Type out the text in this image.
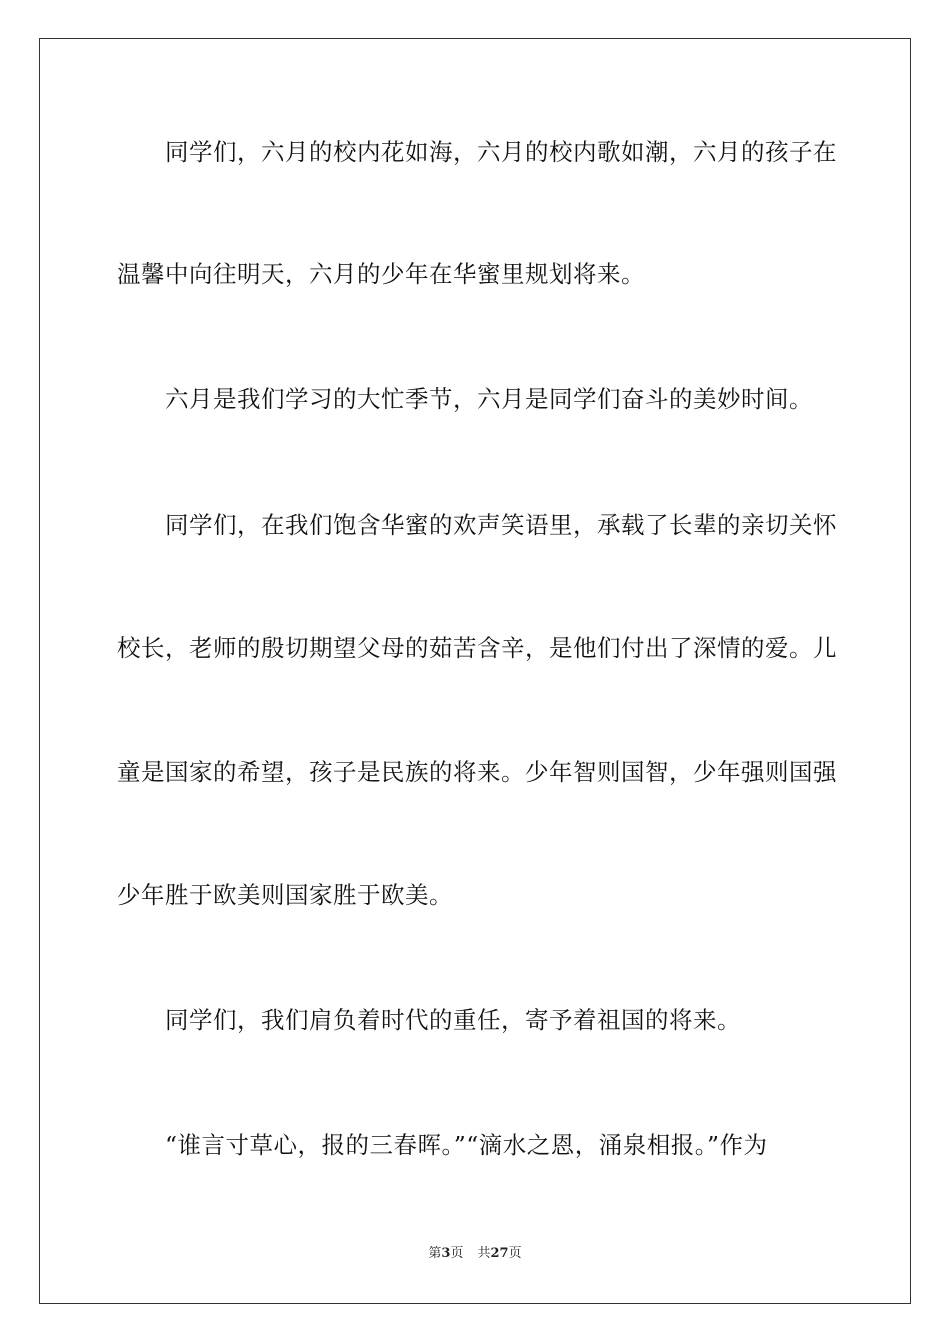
　　同学们，六月的校内花如海，六月的校内歌如潮，六月的孩子在
温馨中向往明天，六月的少年在华蜜里规划将来。
　　六月是我们学习的大忙季节，六月是同学们奋斗的美妙时间。
　　同学们，在我们饱含华蜜的欢声笑语里，承载了长辈的亲切关怀
校长，老师的殷切期望父母的茹苦含辛，是他们付出了深情的爱。儿
童是国家的希望，孩子是民族的将来。少年智则国智，少年强则国强
少年胜于欧美则国家胜于欧美。
　　同学们，我们肩负着时代的重任，寄予着祖国的将来。
　　“谁言寸草心，报的三春晖。”“滴水之恩，涌泉相报。”作为
第3页 共27页
